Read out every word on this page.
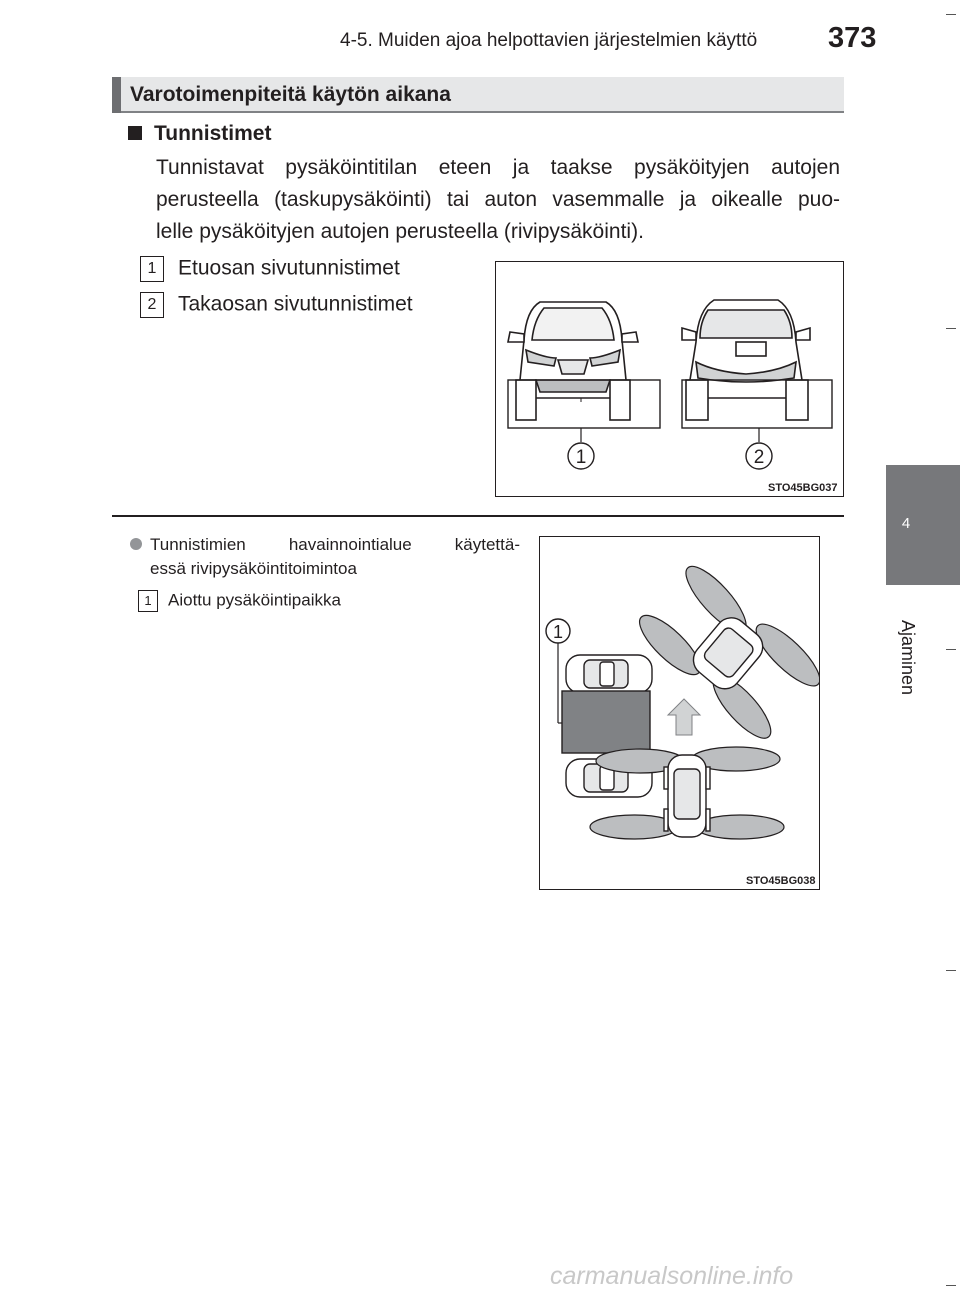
4-5. Muiden ajoa helpottavien järjestelmien käyttö 373
4
Ajaminen
Varotoimenpiteitä käytön aikana
Tunnistimet
Tunnistavat pysäköintitilan eteen ja taakse pysäköityjen autojen
perusteella (taskupysäköinti) tai auton vasemmalle ja oikealle puo-
lelle pysäköityjen autojen perusteella (rivipysäköinti).
1 Etuosan sivutunnistimet
2 Takaosan sivutunnistimet
1	2
STO45BG037
Tunnistimien havainnointialue käytettä-
essä rivipysäköintitoimintoa
1 Aiottu pysäköintipaikka
1
STO45BG038
carmanualsonline.info
